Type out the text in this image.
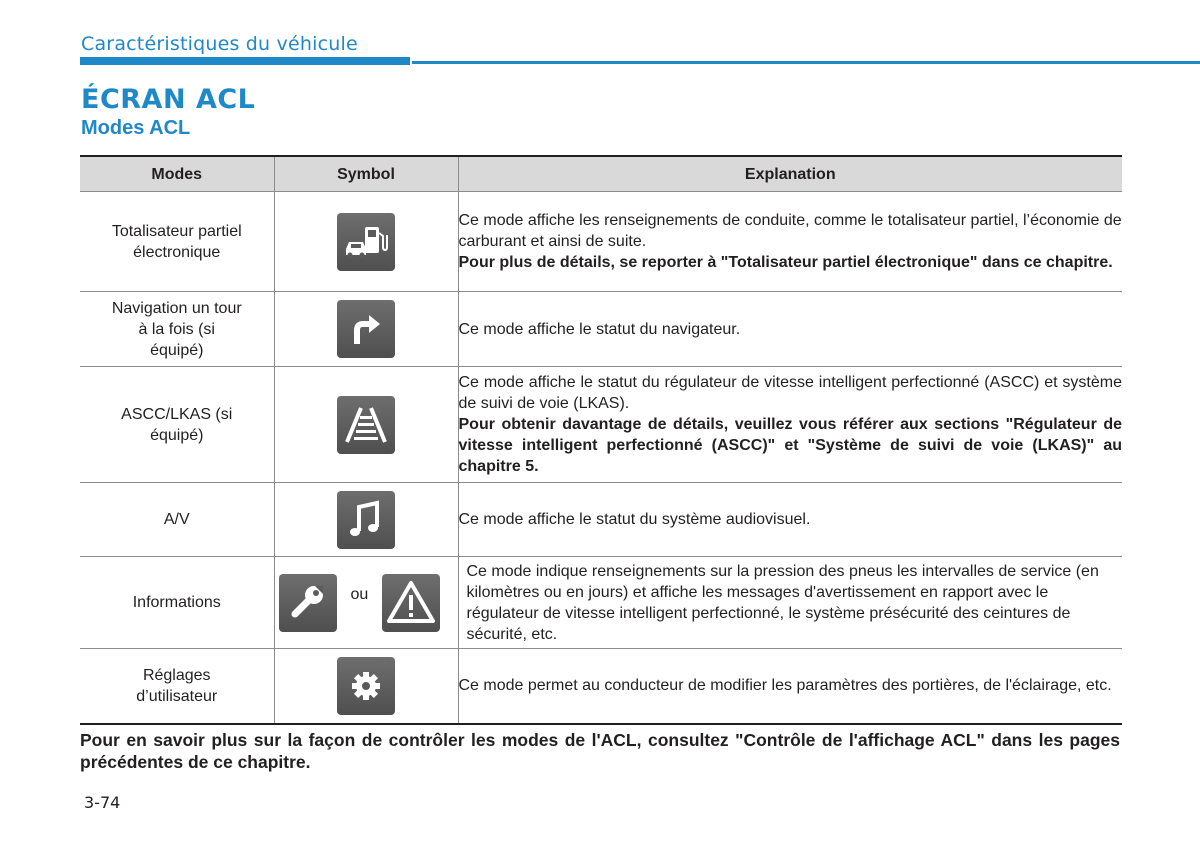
Caractéristiques du véhicule
ÉCRAN ACL
Modes ACL
Modes	Symbol	Explanation

Totalisateur partiel électronique		Ce mode affiche les renseignements de conduite, comme le totalisateur partiel, l’économie de carburant et ainsi de suite.
Pour plus de détails, se reporter à "Totalisateur partiel électronique" dans ce chapitre.

Navigation un tour à la fois (si équipé)		Ce mode affiche le statut du navigateur.

ASCC/LKAS (si équipé)		Ce mode affiche le statut du régulateur de vitesse intelligent perfectionné (ASCC) et système de suivi de voie (LKAS).
Pour obtenir davantage de détails, veuillez vous référer aux sections "Régulateur de vitesse intelligent perfectionné (ASCC)" et "Système de suivi de voie (LKAS)" au chapitre 5.

A/V		Ce mode affiche le statut du système audiovisuel.

Informations	ou	Ce mode indique renseignements sur la pression des pneus les intervalles de service (en kilomètres ou en jours) et affiche les messages d'avertissement en rapport avec le régulateur de vitesse intelligent perfectionné, le système présécurité des ceintures de sécurité, etc.

Réglages d’utilisateur		Ce mode permet au conducteur de modifier les paramètres des portières, de l'éclairage, etc.
Pour en savoir plus sur la façon de contrôler les modes de l'ACL, consultez "Contrôle de l'affichage ACL" dans les pages précédentes de ce chapitre.
3-74
